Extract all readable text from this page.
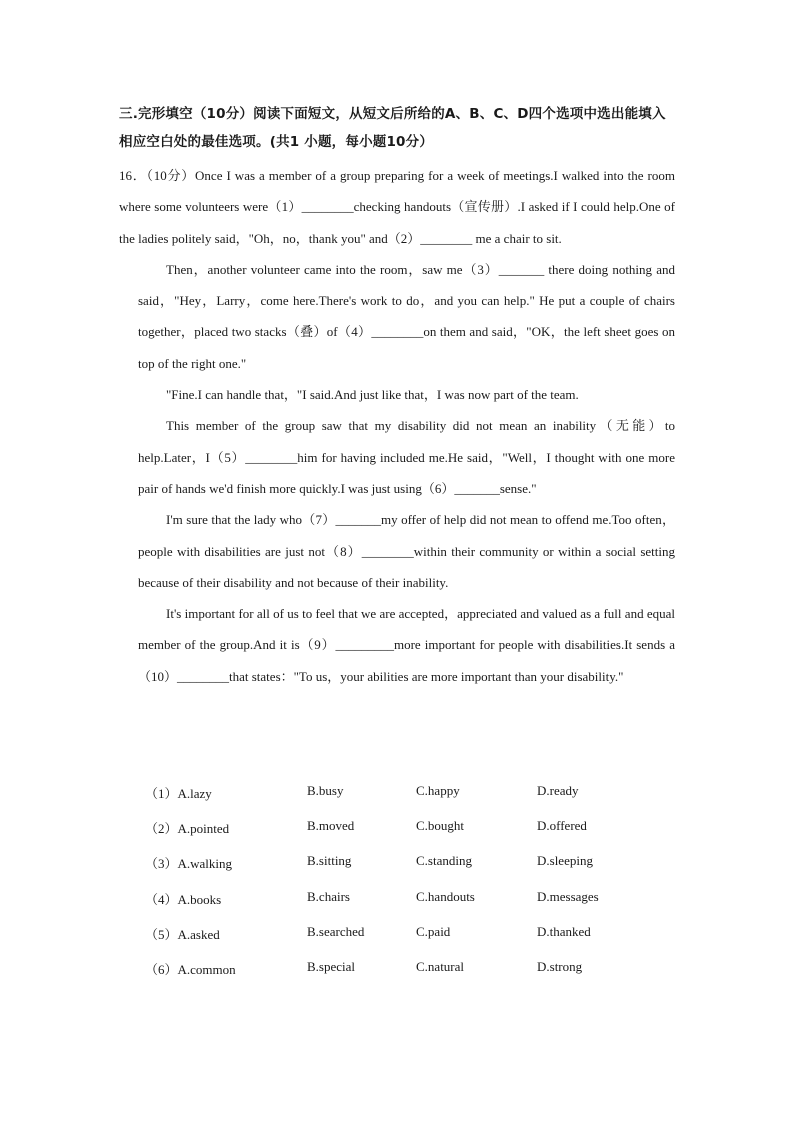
三.完形填空（10分）阅读下面短文，从短文后所给的A、B、C、D四个选项中选出能填入
相应空白处的最佳选项。(共1 小题，每小题10分）

16．（10分）Once I was a member of a group preparing for a week of meetings.I walked into the room where some volunteers were（1）________checking handouts（宣传册）.I asked if I could help.One of the ladies politely said，"Oh，no，thank you" and（2）________ me a chair to sit.

Then，another volunteer came into the room，saw me（3）_______ there doing nothing and said，"Hey，Larry，come here.There's work to do，and you can help." He put a couple of chairs together，placed two stacks（叠）of（4）________on them and said，"OK，the left sheet goes on top of the right one."

"Fine.I can handle that，"I said.And just like that，I was now part of the team.

This member of the group saw that my disability did not mean an inability（无能）to help.Later，I（5）________him for having included me.He said，"Well，I thought with one more pair of hands we'd finish more quickly.I was just using（6）_______sense."

I'm sure that the lady who（7）_______my offer of help did not mean to offend me.Too often，people with disabilities are just not（8）________within their community or within a social setting because of their disability and not because of their inability.

It's important for all of us to feel that we are accepted，appreciated and valued as a full and equal member of the group.And it is（9）_________more important for people with disabilities.It sends a（10）________that states："To us，your abilities are more important than your disability."

（1）A.lazy	B.busy	C.happy	D.ready
（2）A.pointed	B.moved	C.bought	D.offered
（3）A.walking	B.sitting	C.standing	D.sleeping
（4）A.books	B.chairs	C.handouts	D.messages
（5）A.asked	B.searched	C.paid	D.thanked
（6）A.common	B.special	C.natural	D.strong
